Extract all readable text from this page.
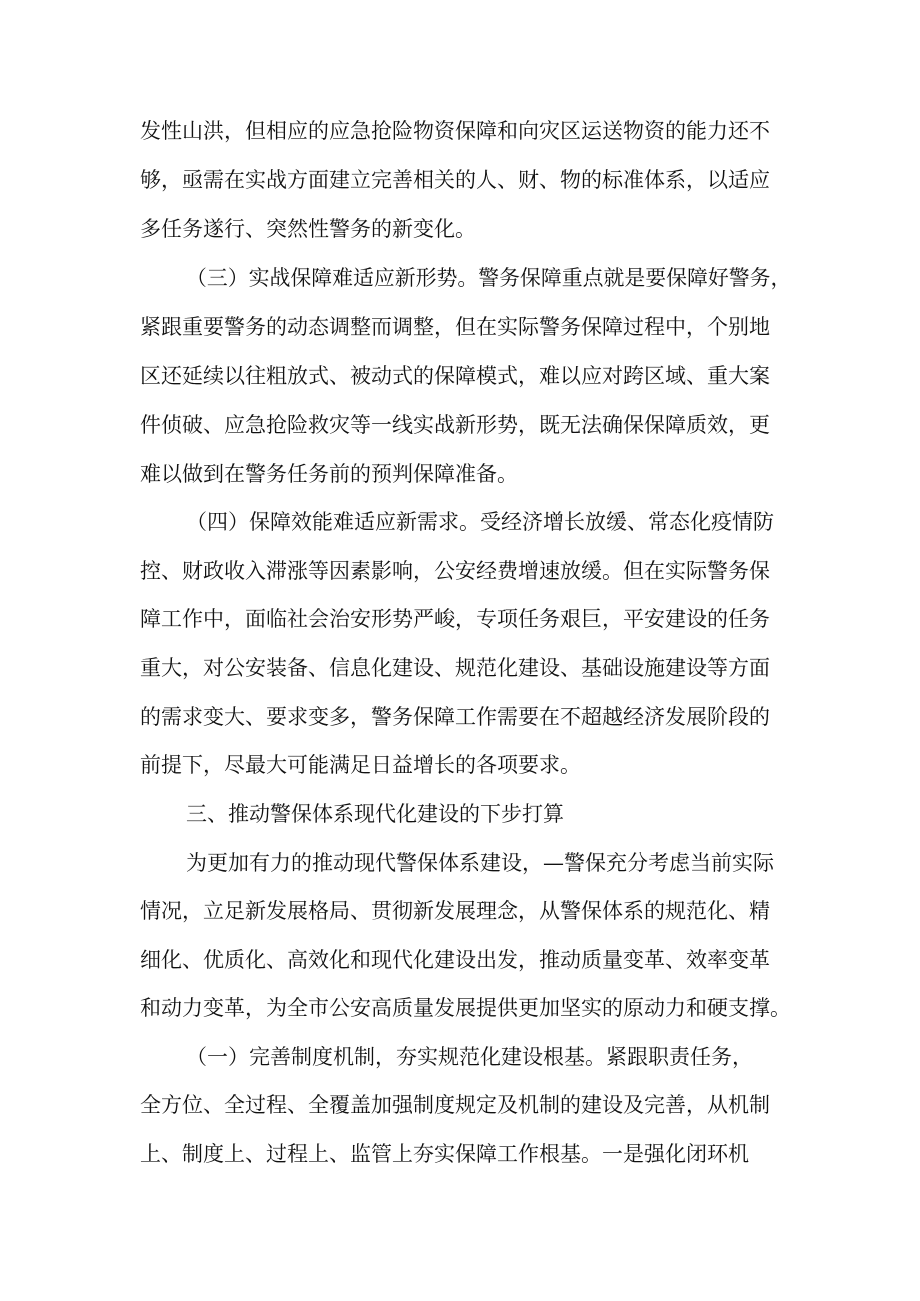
发性山洪，但相应的应急抢险物资保障和向灾区运送物资的能力还不
够，亟需在实战方面建立完善相关的人、财、物的标准体系，以适应
多任务遂行、突然性警务的新变化。
（三）实战保障难适应新形势。警务保障重点就是要保障好警务，
紧跟重要警务的动态调整而调整，但在实际警务保障过程中，个别地
区还延续以往粗放式、被动式的保障模式，难以应对跨区域、重大案
件侦破、应急抢险救灾等一线实战新形势，既无法确保保障质效，更
难以做到在警务任务前的预判保障准备。
（四）保障效能难适应新需求。受经济增长放缓、常态化疫情防
控、财政收入滞涨等因素影响，公安经费增速放缓。但在实际警务保
障工作中，面临社会治安形势严峻，专项任务艰巨，平安建设的任务
重大，对公安装备、信息化建设、规范化建设、基础设施建设等方面
的需求变大、要求变多，警务保障工作需要在不超越经济发展阶段的
前提下，尽最大可能满足日益增长的各项要求。
三、推动警保体系现代化建设的下步打算
为更加有力的推动现代警保体系建设，—警保充分考虑当前实际
情况，立足新发展格局、贯彻新发展理念，从警保体系的规范化、精
细化、优质化、高效化和现代化建设出发，推动质量变革、效率变革
和动力变革，为全市公安高质量发展提供更加坚实的原动力和硬支撑。
（一）完善制度机制，夯实规范化建设根基。紧跟职责任务，
全方位、全过程、全覆盖加强制度规定及机制的建设及完善，从机制
上、制度上、过程上、监管上夯实保障工作根基。一是强化闭环机
